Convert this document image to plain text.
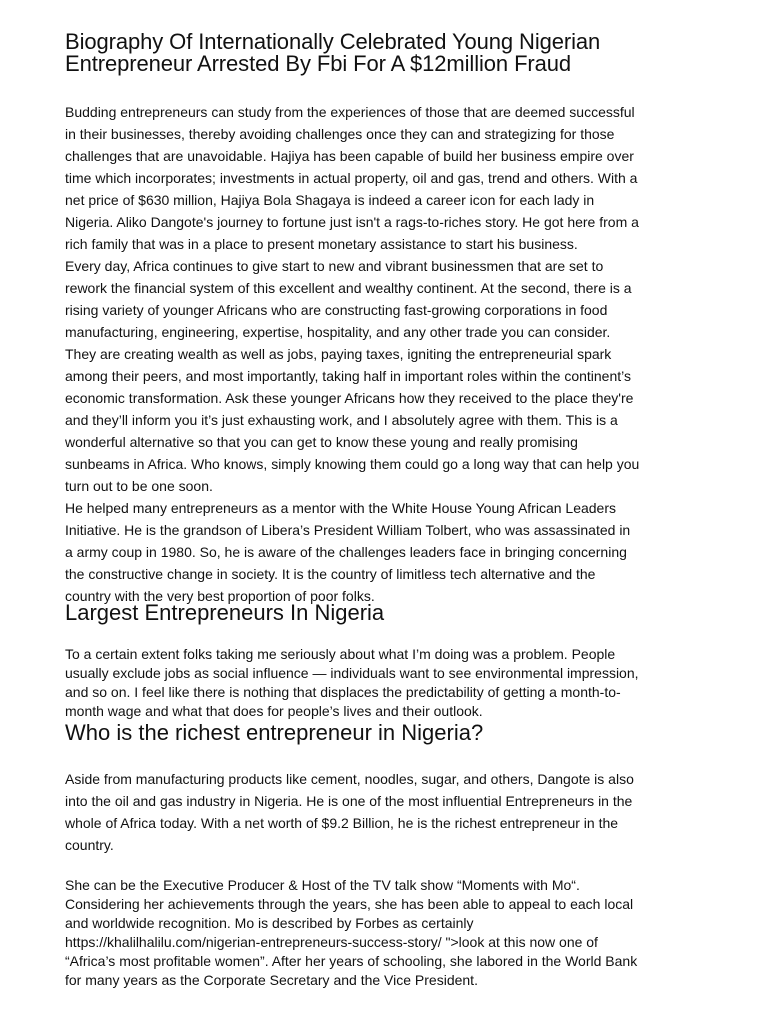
Biography Of Internationally Celebrated Young Nigerian
Entrepreneur Arrested By Fbi For A $12million Fraud
Budding entrepreneurs can study from the experiences of those that are deemed successful
in their businesses, thereby avoiding challenges once they can and strategizing for those
challenges that are unavoidable. Hajiya has been capable of build her business empire over
time which incorporates; investments in actual property, oil and gas, trend and others. With a
net price of $630 million, Hajiya Bola Shagaya is indeed a career icon for each lady in
Nigeria. Aliko Dangote's journey to fortune just isn't a rags-to-riches story. He got here from a
rich family that was in a place to present monetary assistance to start his business.
Every day, Africa continues to give start to new and vibrant businessmen that are set to
rework the financial system of this excellent and wealthy continent. At the second, there is a
rising variety of younger Africans who are constructing fast-growing corporations in food
manufacturing, engineering, expertise, hospitality, and any other trade you can consider.
They are creating wealth as well as jobs, paying taxes, igniting the entrepreneurial spark
among their peers, and most importantly, taking half in important roles within the continent’s
economic transformation. Ask these younger Africans how they received to the place they're
and they’ll inform you it’s just exhausting work, and I absolutely agree with them. This is a
wonderful alternative so that you can get to know these young and really promising
sunbeams in Africa. Who knows, simply knowing them could go a long way that can help you
turn out to be one soon.
He helped many entrepreneurs as a mentor with the White House Young African Leaders
Initiative. He is the grandson of Libera’s President William Tolbert, who was assassinated in
a army coup in 1980. So, he is aware of the challenges leaders face in bringing concerning
the constructive change in society. It is the country of limitless tech alternative and the
country with the very best proportion of poor folks.
Largest Entrepreneurs In Nigeria
To a certain extent folks taking me seriously about what I’m doing was a problem. People
usually exclude jobs as social influence — individuals want to see environmental impression,
and so on. I feel like there is nothing that displaces the predictability of getting a month-to-
month wage and what that does for people’s lives and their outlook.
Who is the richest entrepreneur in Nigeria?
Aside from manufacturing products like cement, noodles, sugar, and others, Dangote is also
into the oil and gas industry in Nigeria. He is one of the most influential Entrepreneurs in the
whole of Africa today. With a net worth of $9.2 Billion, he is the richest entrepreneur in the
country.
She can be the Executive Producer & Host of the TV talk show “Moments with Mo“.
Considering her achievements through the years, she has been able to appeal to each local
and worldwide recognition. Mo is described by Forbes as certainly
https://khalilhalilu.com/nigerian-entrepreneurs-success-story/ ">look at this now one of
“Africa’s most profitable women”. After her years of schooling, she labored in the World Bank
for many years as the Corporate Secretary and the Vice President.
